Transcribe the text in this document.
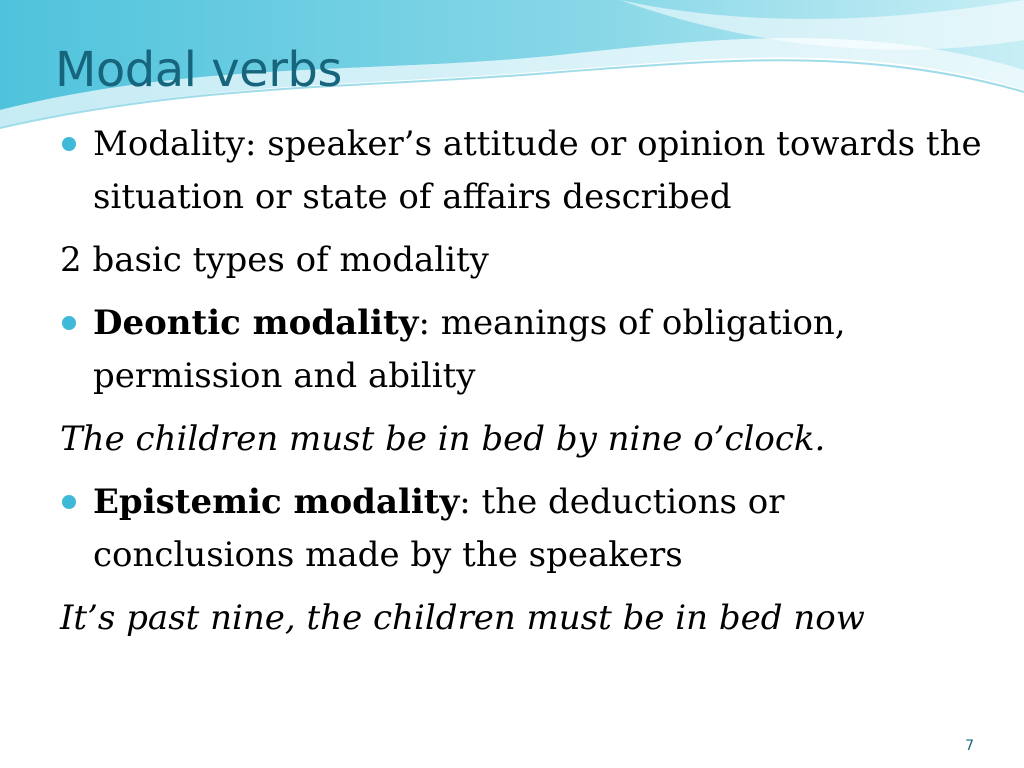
Modal verbs
Modality: speaker’s attitude or opinion towards the situation or state of affairs described
2 basic types of modality
Deontic modality: meanings of obligation, permission and ability
The children must be in bed by nine o’clock.
Epistemic modality: the deductions or conclusions made by the speakers
It’s past nine, the children must be in bed now
7
